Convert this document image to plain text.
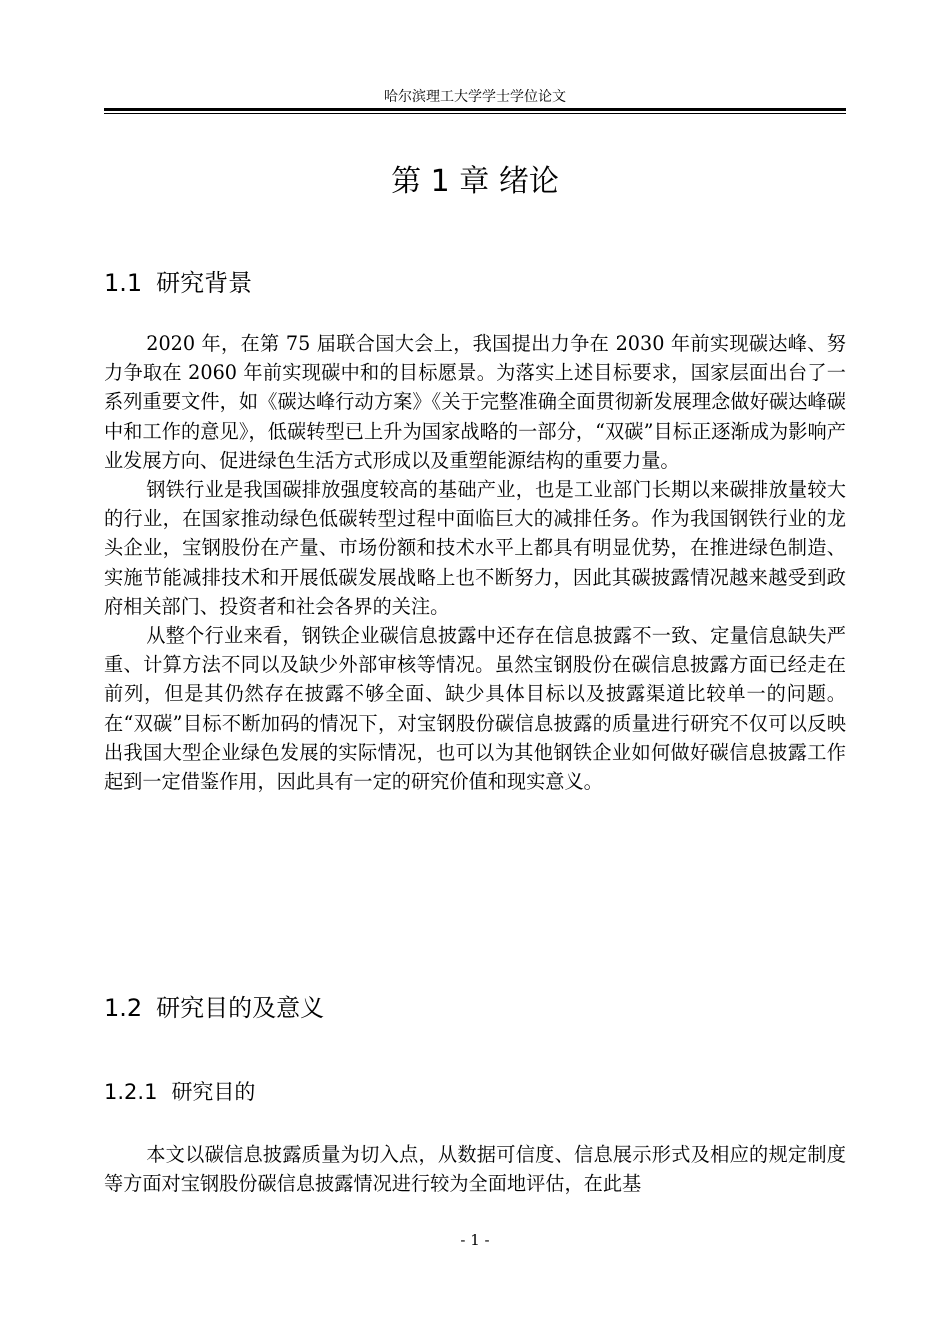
哈尔滨理工大学学士学位论文
第 1 章 绪论
1.1 研究背景

2020 年，在第 75 届联合国大会上，我国提出力争在 2030 年前实现碳达峰、努力争取在 2060 年前实现碳中和的目标愿景。为落实上述目标要求，国家层面出台了一系列重要文件，如《碳达峰行动方案》《关于完整准确全面贯彻新发展理念做好碳达峰碳中和工作的意见》，低碳转型已上升为国家战略的一部分，“双碳”目标正逐渐成为影响产业发展方向、促进绿色生活方式形成以及重塑能源结构的重要力量。

钢铁行业是我国碳排放强度较高的基础产业，也是工业部门长期以来碳排放量较大的行业，在国家推动绿色低碳转型过程中面临巨大的减排任务。作为我国钢铁行业的龙头企业，宝钢股份在产量、市场份额和技术水平上都具有明显优势，在推进绿色制造、实施节能减排技术和开展低碳发展战略上也不断努力，因此其碳披露情况越来越受到政府相关部门、投资者和社会各界的关注。

从整个行业来看，钢铁企业碳信息披露中还存在信息披露不一致、定量信息缺失严重、计算方法不同以及缺少外部审核等情况。虽然宝钢股份在碳信息披露方面已经走在前列，但是其仍然存在披露不够全面、缺少具体目标以及披露渠道比较单一的问题。在“双碳”目标不断加码的情况下，对宝钢股份碳信息披露的质量进行研究不仅可以反映出我国大型企业绿色发展的实际情况，也可以为其他钢铁企业如何做好碳信息披露工作起到一定借鉴作用，因此具有一定的研究价值和现实意义。

1.2 研究目的及意义
1.2.1 研究目的

本文以碳信息披露质量为切入点，从数据可信度、信息展示形式及相应的规定制度等方面对宝钢股份碳信息披露情况进行较为全面地评估，在此基

- 1 -
